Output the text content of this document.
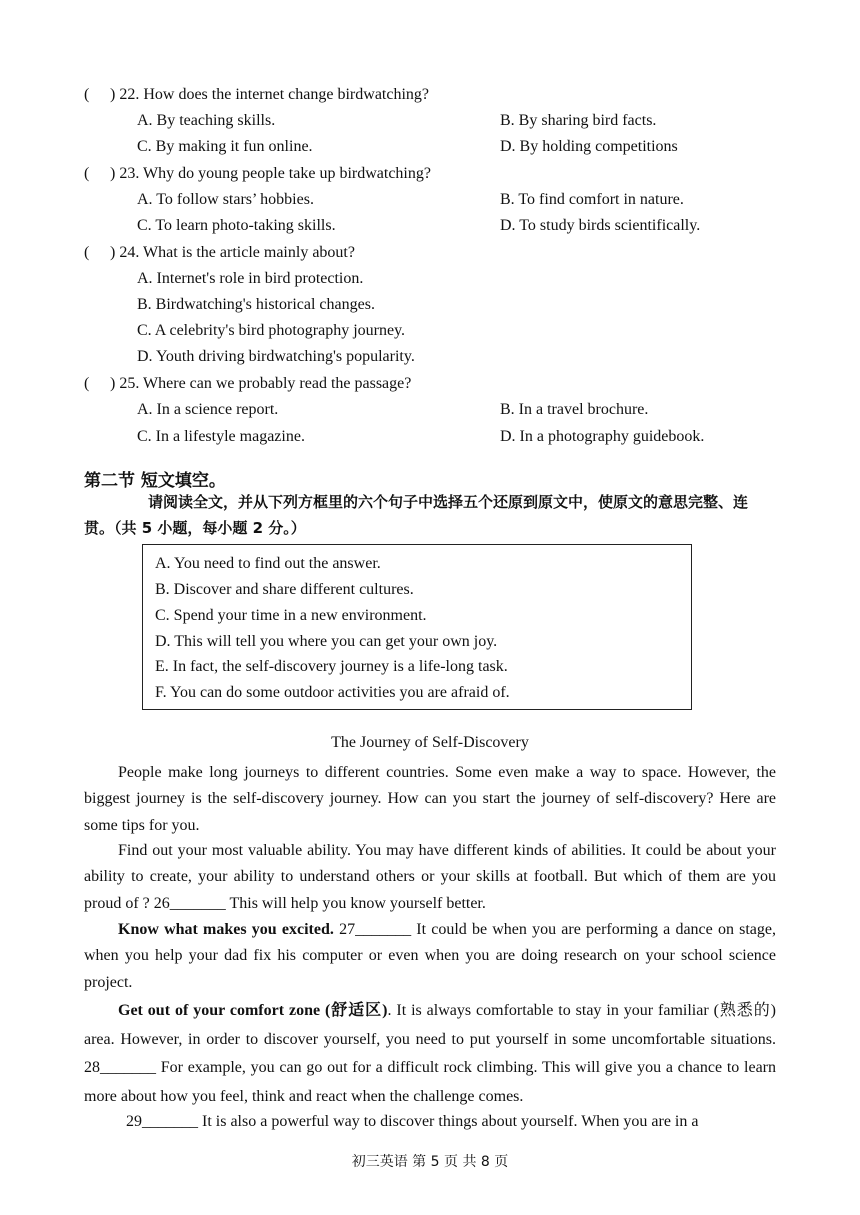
( ) 22. How does the internet change birdwatching?
A. By teaching skills.	B. By sharing bird facts.
C. By making it fun online.	D. By holding competitions
( ) 23. Why do young people take up birdwatching?
A. To follow stars’ hobbies.	B. To find comfort in nature.
C. To learn photo-taking skills.	D. To study birds scientifically.
( ) 24. What is the article mainly about?
A. Internet's role in bird protection.
B. Birdwatching's historical changes.
C. A celebrity's bird photography journey.
D. Youth driving birdwatching's popularity.
( ) 25. Where can we probably read the passage?
A. In a science report.	B. In a travel brochure.
C. In a lifestyle magazine.	D. In a photography guidebook.
第二节 短文填空。
请阅读全文，并从下列方框里的六个句子中选择五个还原到原文中，使原文的意思完整、连贯。（共 5 小题，每小题 2 分。）
A. You need to find out the answer.
B. Discover and share different cultures.
C. Spend your time in a new environment.
D. This will tell you where you can get your own joy.
E. In fact, the self-discovery journey is a life-long task.
F. You can do some outdoor activities you are afraid of.
The Journey of Self-Discovery
People make long journeys to different countries. Some even make a way to space. However, the biggest journey is the self-discovery journey. How can you start the journey of self-discovery? Here are some tips for you.
Find out your most valuable ability. You may have different kinds of abilities. It could be about your ability to create, your ability to understand others or your skills at football. But which of them are you proud of ? 26_______ This will help you know yourself better.
Know what makes you excited. 27_______ It could be when you are performing a dance on stage, when you help your dad fix his computer or even when you are doing research on your school science project.
Get out of your comfort zone (舒适区). It is always comfortable to stay in your familiar (熟悉的) area. However, in order to discover yourself, you need to put yourself in some uncomfortable situations. 28_______ For example, you can go out for a difficult rock climbing. This will give you a chance to learn more about how you feel, think and react when the challenge comes.
29_______ It is also a powerful way to discover things about yourself. When you are in a
初三英语 第 5 页 共 8 页
